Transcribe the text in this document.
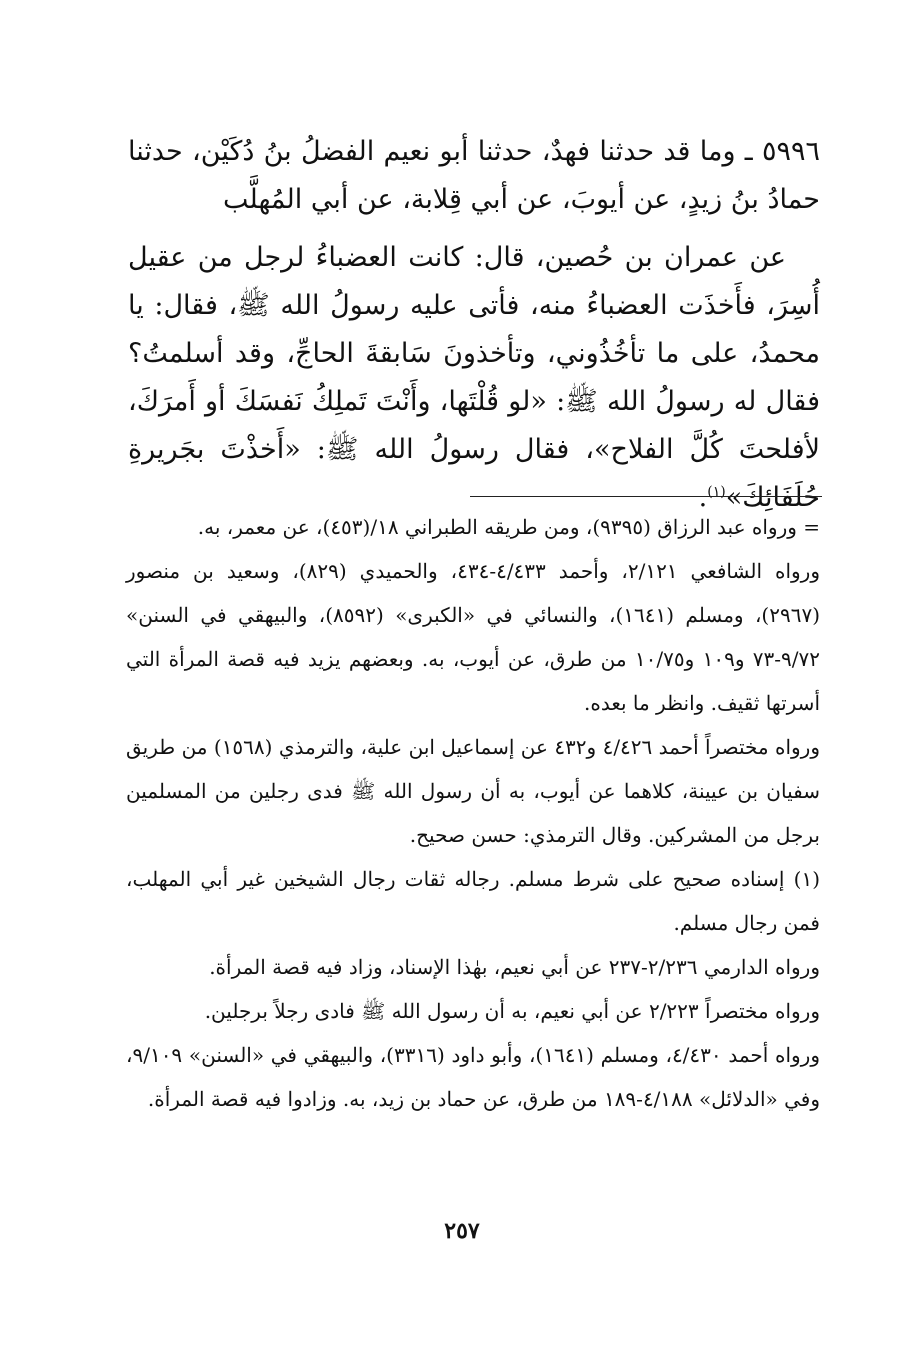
٥٩٩٦ ـ وما قد حدثنا فهدٌ، حدثنا أبو نعيم الفضلُ بنُ دُكَيْن، حدثنا حمادُ بنُ زيدٍ، عن أيوبَ، عن أبي قِلابة، عن أبي المُهلَّب

عن عمران بن حُصين، قال: كانت العضباءُ لرجل من عقيل أُسِرَ، فأَخذَت العضباءُ منه، فأتى عليه رسولُ الله ﷺ، فقال: يا محمدُ، على ما تأخُذُوني، وتأخذونَ سَابقةَ الحاجِّ، وقد أسلمتُ؟ فقال له رسولُ الله ﷺ: «لو قُلْتَها، وأَنْتَ تَملِكُ نَفسَكَ أو أَمرَكَ، لأفلحتَ كُلَّ الفلاح»، فقال رسولُ الله ﷺ: «أَخذْتَ بجَريرةِ حُلَفَائِكَ»$^{(١)}$.

= ورواه عبد الرزاق (٩٣٩٥)، ومن طريقه الطبراني ١٨/(٤٥٣)، عن معمر، به.

ورواه الشافعي ٢/١٢١، وأحمد ٤/٤٣٣-٤٣٤، والحميدي (٨٢٩)، وسعيد بن منصور (٢٩٦٧)، ومسلم (١٦٤١)، والنسائي في «الكبرى» (٨٥٩٢)، والبيهقي في السنن» ٩/٧٢-٧٣ و١٠٩ و١٠/٧٥ من طرق، عن أيوب، به. وبعضهم يزيد فيه قصة المرأة التي أسرتها ثقيف. وانظر ما بعده.

ورواه مختصراً أحمد ٤/٤٢٦ و٤٣٢ عن إسماعيل ابن علية، والترمذي (١٥٦٨) من طريق سفيان بن عيينة، كلاهما عن أيوب، به أن رسول الله ﷺ فدى رجلين من المسلمين برجل من المشركين. وقال الترمذي: حسن صحيح.

(١) إسناده صحيح على شرط مسلم. رجاله ثقات رجال الشيخين غير أبي المهلب، فمن رجال مسلم.

ورواه الدارمي ٢/٢٣٦-٢٣٧ عن أبي نعيم، بهٰذا الإسناد، وزاد فيه قصة المرأة.

ورواه مختصراً ٢/٢٢٣ عن أبي نعيم، به أن رسول الله ﷺ فادى رجلاً برجلين.

ورواه أحمد ٤/٤٣٠، ومسلم (١٦٤١)، وأبو داود (٣٣١٦)، والبيهقي في «السنن» ٩/١٠٩، وفي «الدلائل» ٤/١٨٨-١٨٩ من طرق، عن حماد بن زيد، به. وزادوا فيه قصة المرأة.

٢٥٧
